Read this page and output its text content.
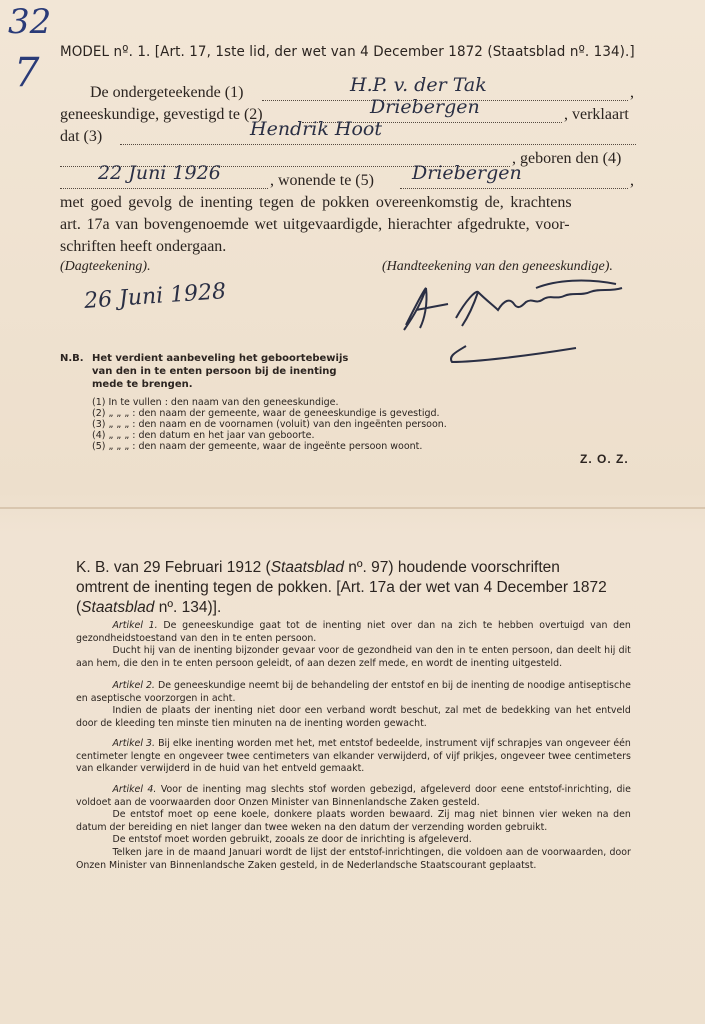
32
7 MODEL nº. 1. [Art. 17, 1ste lid, der wet van 4 December 1872 (Staatsblad nº. 134).]
De ondergeteekende (1)	H.P. v. der Tak	,
geneeskundige, gevestigd te (2)	Driebergen	, verklaart
dat (3)	Hendrik Hoot
, geboren den (4)
22 Juni 1926	, wonende te (5) Driebergen	,
met goed gevolg de inenting tegen de pokken overeenkomstig de, krachtens
art. 17a van bovengenoemde wet uitgevaardigde, hierachter afgedrukte, voor-
schriften heeft ondergaan.
(Dagteekening).	(Handteekening van den geneeskundige).
26 Juni 1928
N.B. Het verdient aanbeveling het geboortebewijs
van den in te enten persoon bij de inenting
mede te brengen.
(1) In te vullen : den naam van den geneeskundige.
(2) „ „ „ : den naam der gemeente, waar de geneeskundige is gevestigd.
(3) „ „ „ : den naam en de voornamen (voluit) van den ingeënten persoon.
(4) „ „ „ : den datum en het jaar van geboorte.
(5) „ „ „ : den naam der gemeente, waar de ingeënte persoon woont.
Z. O. Z.
K. B. van 29 Februari 1912 (Staatsblad nº. 97) houdende voorschriften
omtrent de inenting tegen de pokken. [Art. 17a der wet van 4 December 1872
(Staatsblad nº. 134)].

Artikel 1. De geneeskundige gaat tot de inenting niet over dan na zich te hebben overtuigd van den gezondheidstoestand van den in te enten persoon.

Ducht hij van de inenting bijzonder gevaar voor de gezondheid van den in te enten persoon, dan deelt hij dit aan hem, die den in te enten persoon geleidt, of aan dezen zelf mede, en wordt de inenting uitgesteld.

Artikel 2. De geneeskundige neemt bij de behandeling der entstof en bij de inenting de noodige antiseptische en aseptische voorzorgen in acht.

Indien de plaats der inenting niet door een verband wordt beschut, zal met de bedekking van het entveld door de kleeding ten minste tien minuten na de inenting worden gewacht.

Artikel 3. Bij elke inenting worden met het, met entstof bedeelde, instrument vijf schrapjes van ongeveer één centimeter lengte en ongeveer twee centimeters van elkander verwijderd, of vijf prikjes, ongeveer twee centimeters van elkander verwijderd in de huid van het entveld gemaakt.

Artikel 4. Voor de inenting mag slechts stof worden gebezigd, afgeleverd door eene entstof-inrichting, die voldoet aan de voorwaarden door Onzen Minister van Binnenlandsche Zaken gesteld.

De entstof moet op eene koele, donkere plaats worden bewaard. Zij mag niet binnen vier weken na den datum der bereiding en niet langer dan twee weken na den datum der verzending worden gebruikt.

De entstof moet worden gebruikt, zooals ze door de inrichting is afgeleverd.

Telken jare in de maand Januari wordt de lijst der entstof-inrichtingen, die voldoen aan de voorwaarden, door Onzen Minister van Binnenlandsche Zaken gesteld, in de Nederlandsche Staatscourant geplaatst.
